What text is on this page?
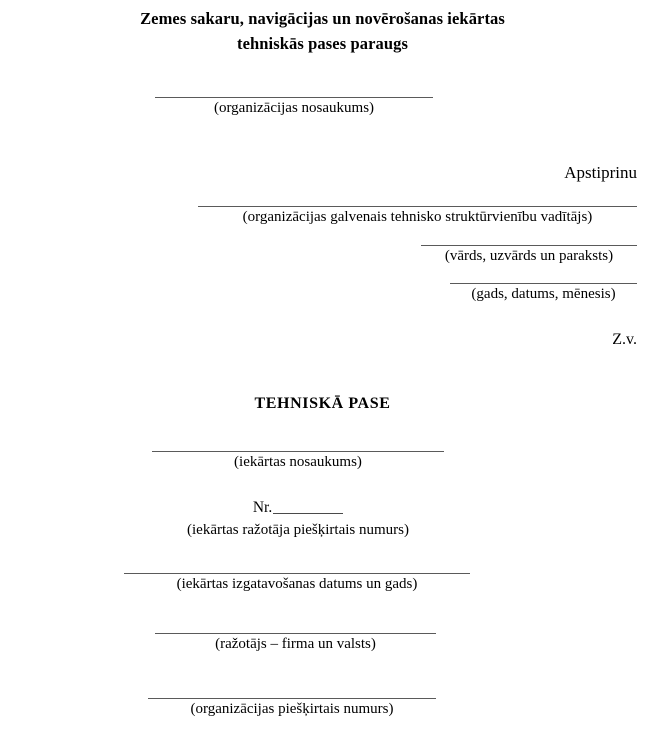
Zemes sakaru, navigācijas un novērošanas iekārtas
tehniskās pases paraugs
(organizācijas nosaukums)
Apstiprinu
(organizācijas galvenais tehnisko struktūrvienību vadītājs)
(vārds, uzvārds un paraksts)
(gads, datums, mēnesis)
Z.v.
TEHNISKĀ PASE
(iekārtas nosaukums)
Nr.
(iekārtas ražotāja piešķirtais numurs)
(iekārtas izgatavošanas datums un gads)
(ražotājs – firma un valsts)
(organizācijas piešķirtais numurs)
